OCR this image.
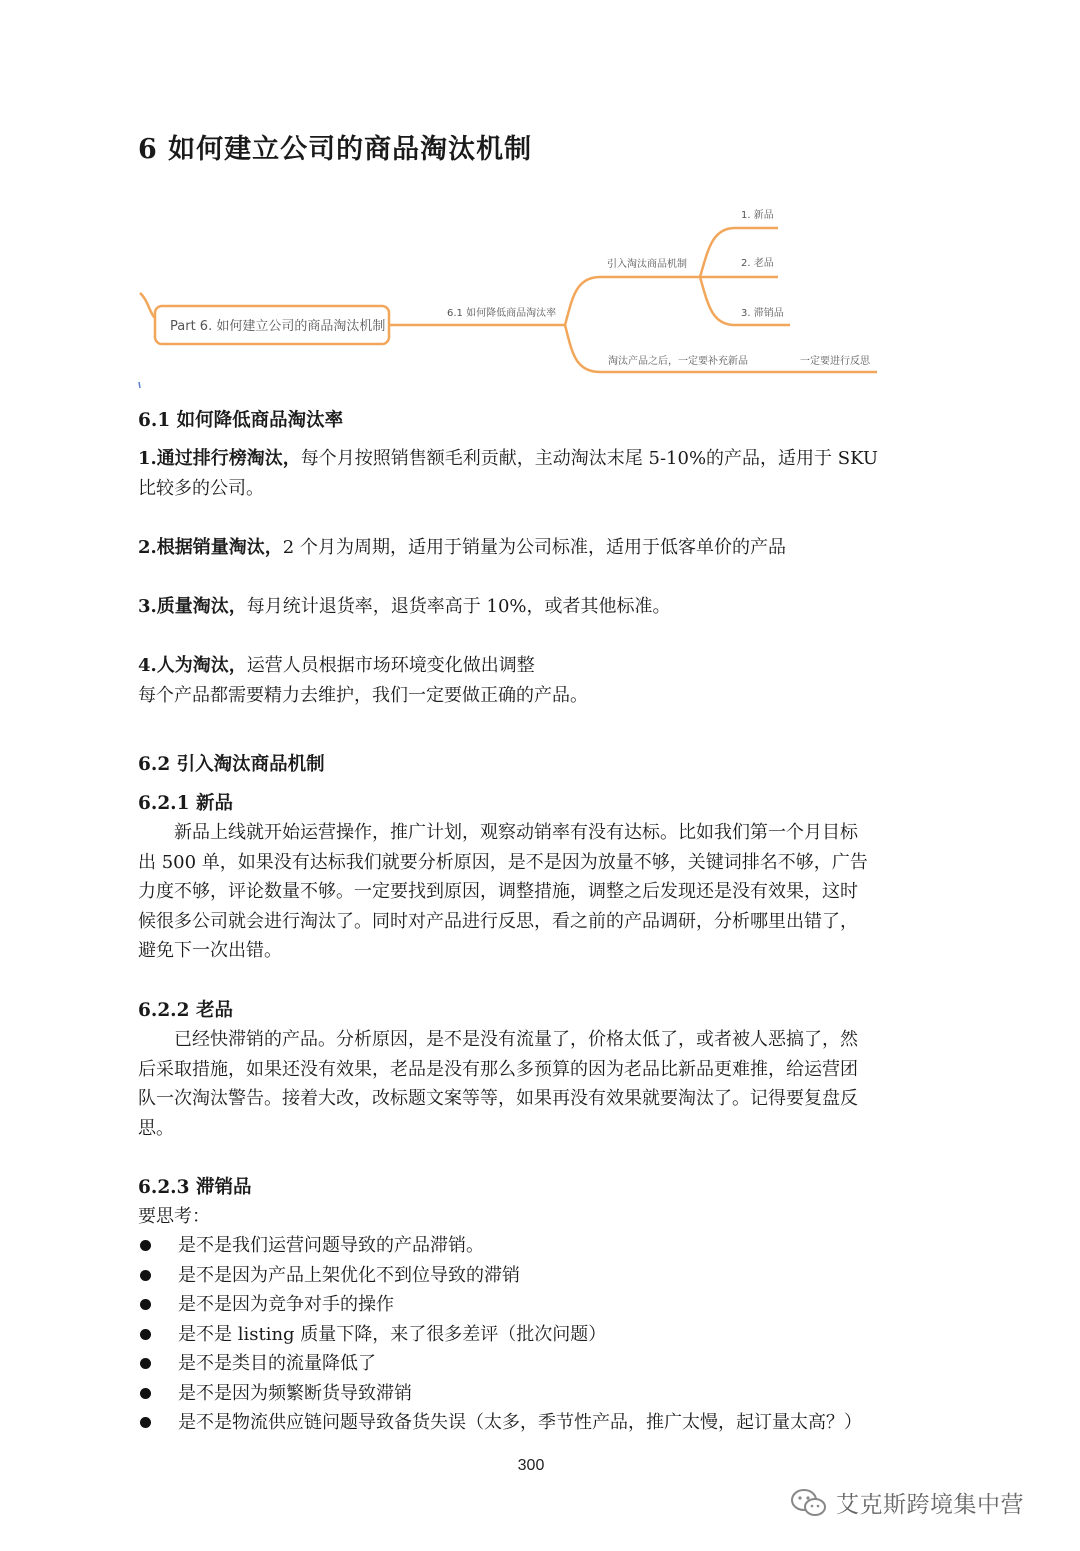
6 如何建立公司的商品淘汰机制
Part 6. 如何建立公司的商品淘汰机制
6.1 如何降低商品淘汰率
引入淘汰商品机制
1. 新品
2. 老品
3. 滞销品
淘汰产品之后，一定要补充新品	一定要进行反思
6.1 如何降低商品淘汰率
1.通过排行榜淘汰，每个月按照销售额毛利贡献，主动淘汰末尾 5-10%的产品，适用于 SKU
比较多的公司。
2.根据销量淘汰，2 个月为周期，适用于销量为公司标准，适用于低客单价的产品
3.质量淘汰，每月统计退货率，退货率高于 10%，或者其他标准。
4.人为淘汰，运营人员根据市场环境变化做出调整
每个产品都需要精力去维护，我们一定要做正确的产品。
6.2 引入淘汰商品机制
6.2.1 新品
新品上线就开始运营操作，推广计划，观察动销率有没有达标。比如我们第一个月目标
出 500 单，如果没有达标我们就要分析原因，是不是因为放量不够，关键词排名不够，广告
力度不够，评论数量不够。一定要找到原因，调整措施，调整之后发现还是没有效果，这时
候很多公司就会进行淘汰了。同时对产品进行反思，看之前的产品调研，分析哪里出错了，
避免下一次出错。
6.2.2 老品
已经快滞销的产品。分析原因，是不是没有流量了，价格太低了，或者被人恶搞了，然
后采取措施，如果还没有效果，老品是没有那么多预算的因为老品比新品更难推，给运营团
队一次淘汰警告。接着大改，改标题文案等等，如果再没有效果就要淘汰了。记得要复盘反
思。
6.2.3 滞销品
要思考：
是不是我们运营问题导致的产品滞销。
是不是因为产品上架优化不到位导致的滞销
是不是因为竞争对手的操作
是不是 listing 质量下降，来了很多差评（批次问题）
是不是类目的流量降低了
是不是因为频繁断货导致滞销
是不是物流供应链问题导致备货失误（太多，季节性产品，推广太慢，起订量太高？）
300
艾克斯跨境集中营
